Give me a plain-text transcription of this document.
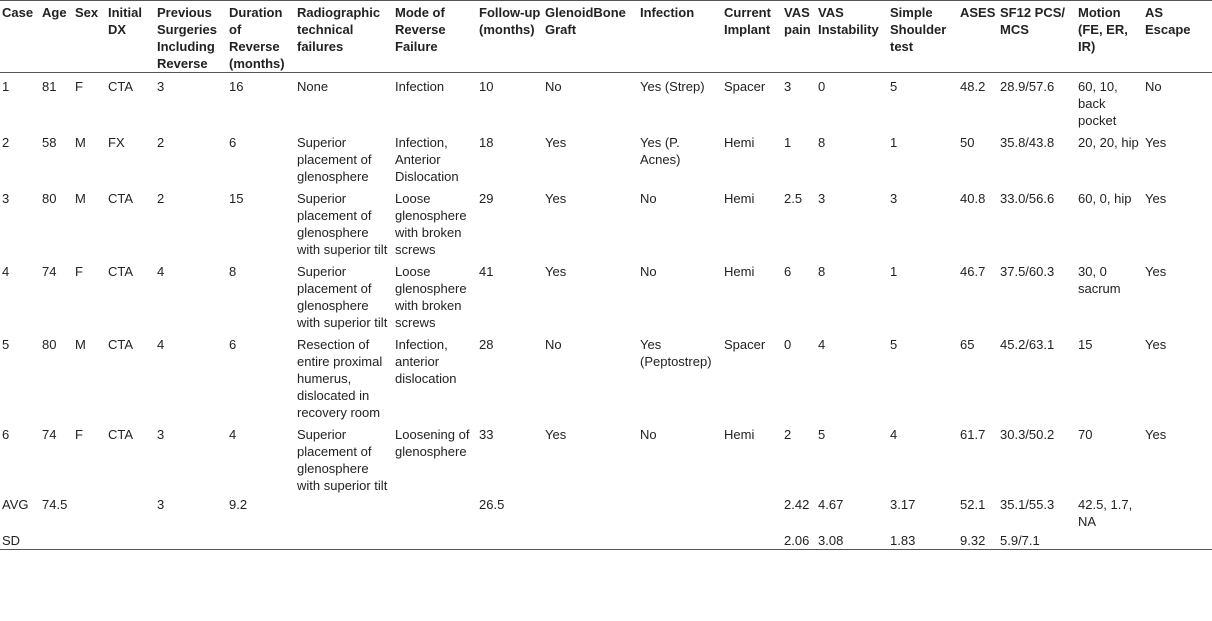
Case	Age	Sex	Initial DX	Previous Surgeries Including Reverse	Duration of Reverse (months)	Radiographic technical failures	Mode of Reverse Failure	Follow-up (months)	GlenoidBone Graft	Infection	Current Implant	VAS pain	VAS Instability	Simple Shoulder test	ASES	SF12 PCS/ MCS	Motion (FE, ER, IR)	AS Escape
1	81	F	CTA	3	16	None	Infection	10	No	Yes (Strep)	Spacer	3	0	5	48.2	28.9/57.6	60, 10, back pocket	No
2	58	M	FX	2	6	Superior placement of glenosphere	Infection, Anterior Dislocation	18	Yes	Yes (P. Acnes)	Hemi	1	8	1	50	35.8/43.8	20, 20, hip	Yes
3	80	M	CTA	2	15	Superior placement of glenosphere with superior tilt	Loose glenosphere with broken screws	29	Yes	No	Hemi	2.5	3	3	40.8	33.0/56.6	60, 0, hip	Yes
4	74	F	CTA	4	8	Superior placement of glenosphere with superior tilt	Loose glenosphere with broken screws	41	Yes	No	Hemi	6	8	1	46.7	37.5/60.3	30, 0 sacrum	Yes
5	80	M	CTA	4	6	Resection of entire proximal humerus, dislocated in recovery room	Infection, anterior dislocation	28	No	Yes (Peptostrep)	Spacer	0	4	5	65	45.2/63.1	15	Yes
6	74	F	CTA	3	4	Superior placement of glenosphere with superior tilt	Loosening of glenosphere	33	Yes	No	Hemi	2	5	4	61.7	30.3/50.2	70	Yes
AVG	74.5			3	9.2			26.5				2.42	4.67	3.17	52.1	35.1/55.3	42.5, 1.7, NA	
SD												2.06	3.08	1.83	9.32	5.9/7.1		
